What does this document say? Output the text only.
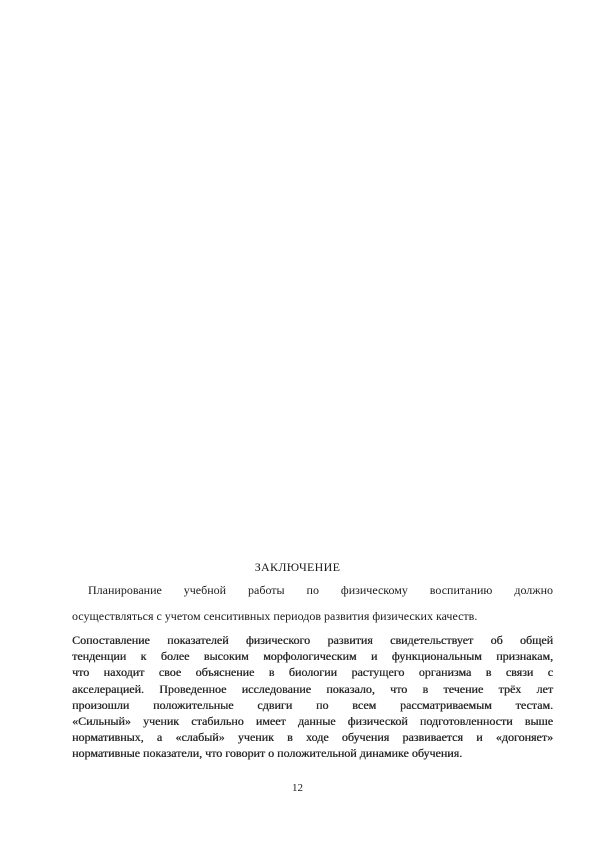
ЗАКЛЮЧЕНИЕ
Планирование учебной работы по физическому воспитанию должно
осуществляться с учетом сенситивных периодов развития физических качеств.
Сопоставление показателей физического развития свидетельствует об общей
тенденции к более высоким морфологическим и функциональным признакам,
что находит свое объяснение в биологии растущего организма в связи с
акселерацией. Проведенное исследование показало, что в течение трёх лет
произошли положительные сдвиги по всем рассматриваемым тестам.
«Сильный» ученик стабильно имеет данные физической подготовленности выше
нормативных, а «слабый» ученик в ходе обучения развивается и «догоняет»
нормативные показатели, что говорит о положительной динамике обучения.
12
